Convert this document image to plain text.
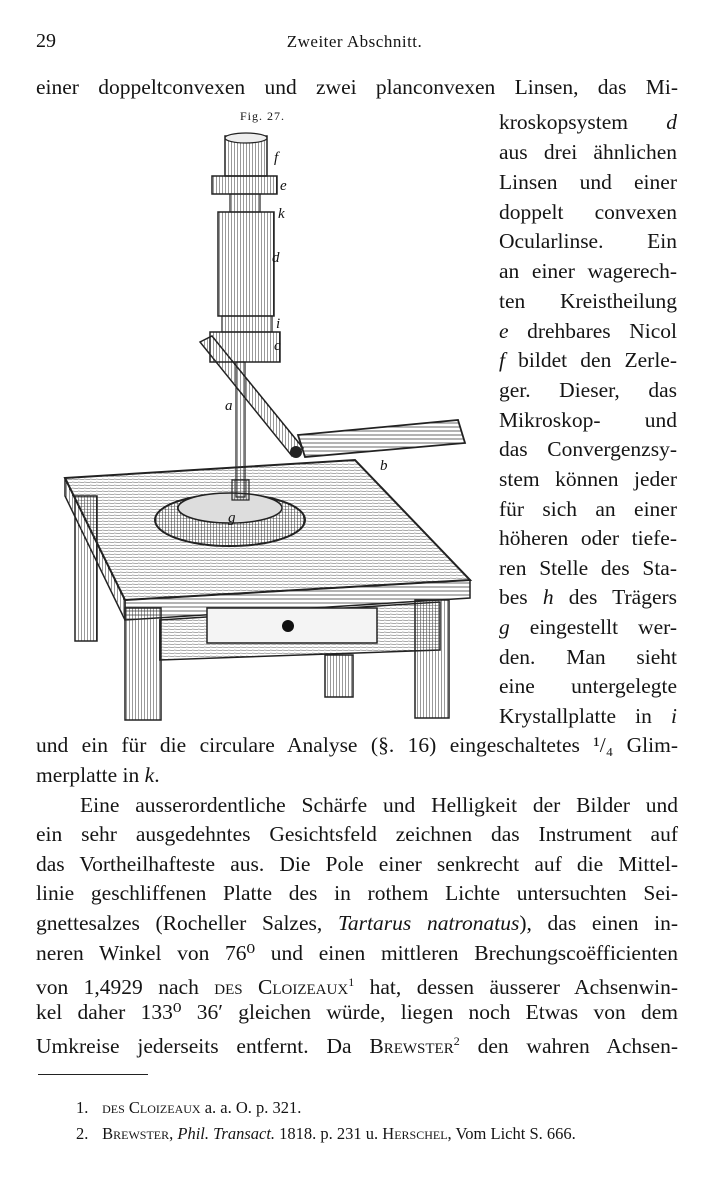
29	Zweiter Abschnitt.
einer doppeltconvexen und zwei planconvexen Linsen, das Mi-
Fig. 27.
f
e
k
d
i
c
a
b
g
kroskopsystem d
aus drei ähnlichen
Linsen und einer
doppelt convexen
Ocularlinse. Ein
an einer wagerech-
ten Kreistheilung
e drehbares Nicol
f bildet den Zerle-
ger. Dieser, das
Mikroskop- und
das Convergenzsy-
stem können jeder
für sich an einer
höheren oder tiefe-
ren Stelle des Sta-
bes h des Trägers
g eingestellt wer-
den. Man sieht
eine untergelegte
Krystallplatte in i
und ein für die circulare Analyse (§. 16) eingeschaltetes ¹/₄ Glim-
merplatte in k.
Eine ausserordentliche Schärfe und Helligkeit der Bilder und
ein sehr ausgedehntes Gesichtsfeld zeichnen das Instrument auf
das Vortheilhafteste aus. Die Pole einer senkrecht auf die Mittel-
linie geschliffenen Platte des in rothem Lichte untersuchten Sei-
gnettesalzes (Rocheller Salzes, Tartarus natronatus), das einen in-
neren Winkel von 76⁰ und einen mittleren Brechungscoëfficienten
von 1,4929 nach des Cloizeaux$^1$ hat, dessen äusserer Achsenwin-
kel daher 133⁰ 36′ gleichen würde, liegen noch Etwas von dem
Umkreise jederseits entfernt. Da Brewster$^2$ den wahren Achsen-
1. des Cloizeaux a. a. O. p. 321.
2. Brewster, Phil. Transact. 1818. p. 231 u. Herschel, Vom Licht S. 666.
